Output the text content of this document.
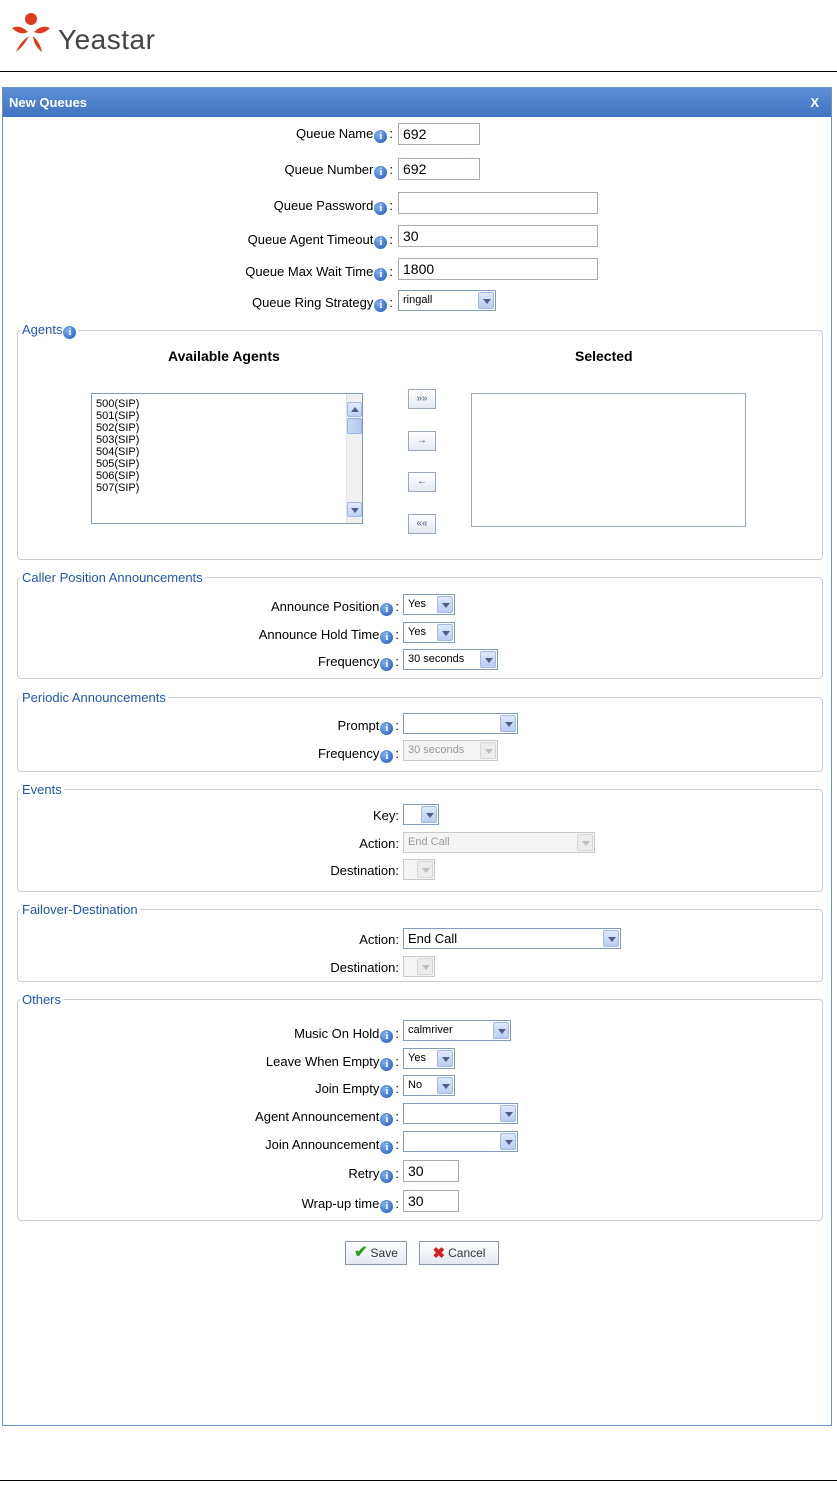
Yeastar
New Queues	X
Queue Name i :
692
Queue Number i :
692
Queue Password i :
Queue Agent Timeout i :
30
Queue Max Wait Time i :
1800
Queue Ring Strategy i : ringall
Agents i
Available Agents	Selected
500(SIP)
501(SIP)
502(SIP)
503(SIP)
504(SIP)
505(SIP)
506(SIP)
507(SIP)
»»
→
←
««
Caller Position Announcements
Announce Position i : Yes
Announce Hold Time i : Yes
Frequency i : 30 seconds
Periodic Announcements
Prompt i :
Frequency i : 30 seconds
Events
Key:
Action: End Call
Destination:
Failover-Destination
Action: End Call
Destination:
Others
Music On Hold i : calmriver
Leave When Empty i : Yes
Join Empty i : No
Agent Announcement i :
Join Announcement i :
Retry i :
30
Wrap-up time i :
30
✔ Save ✖ Cancel
